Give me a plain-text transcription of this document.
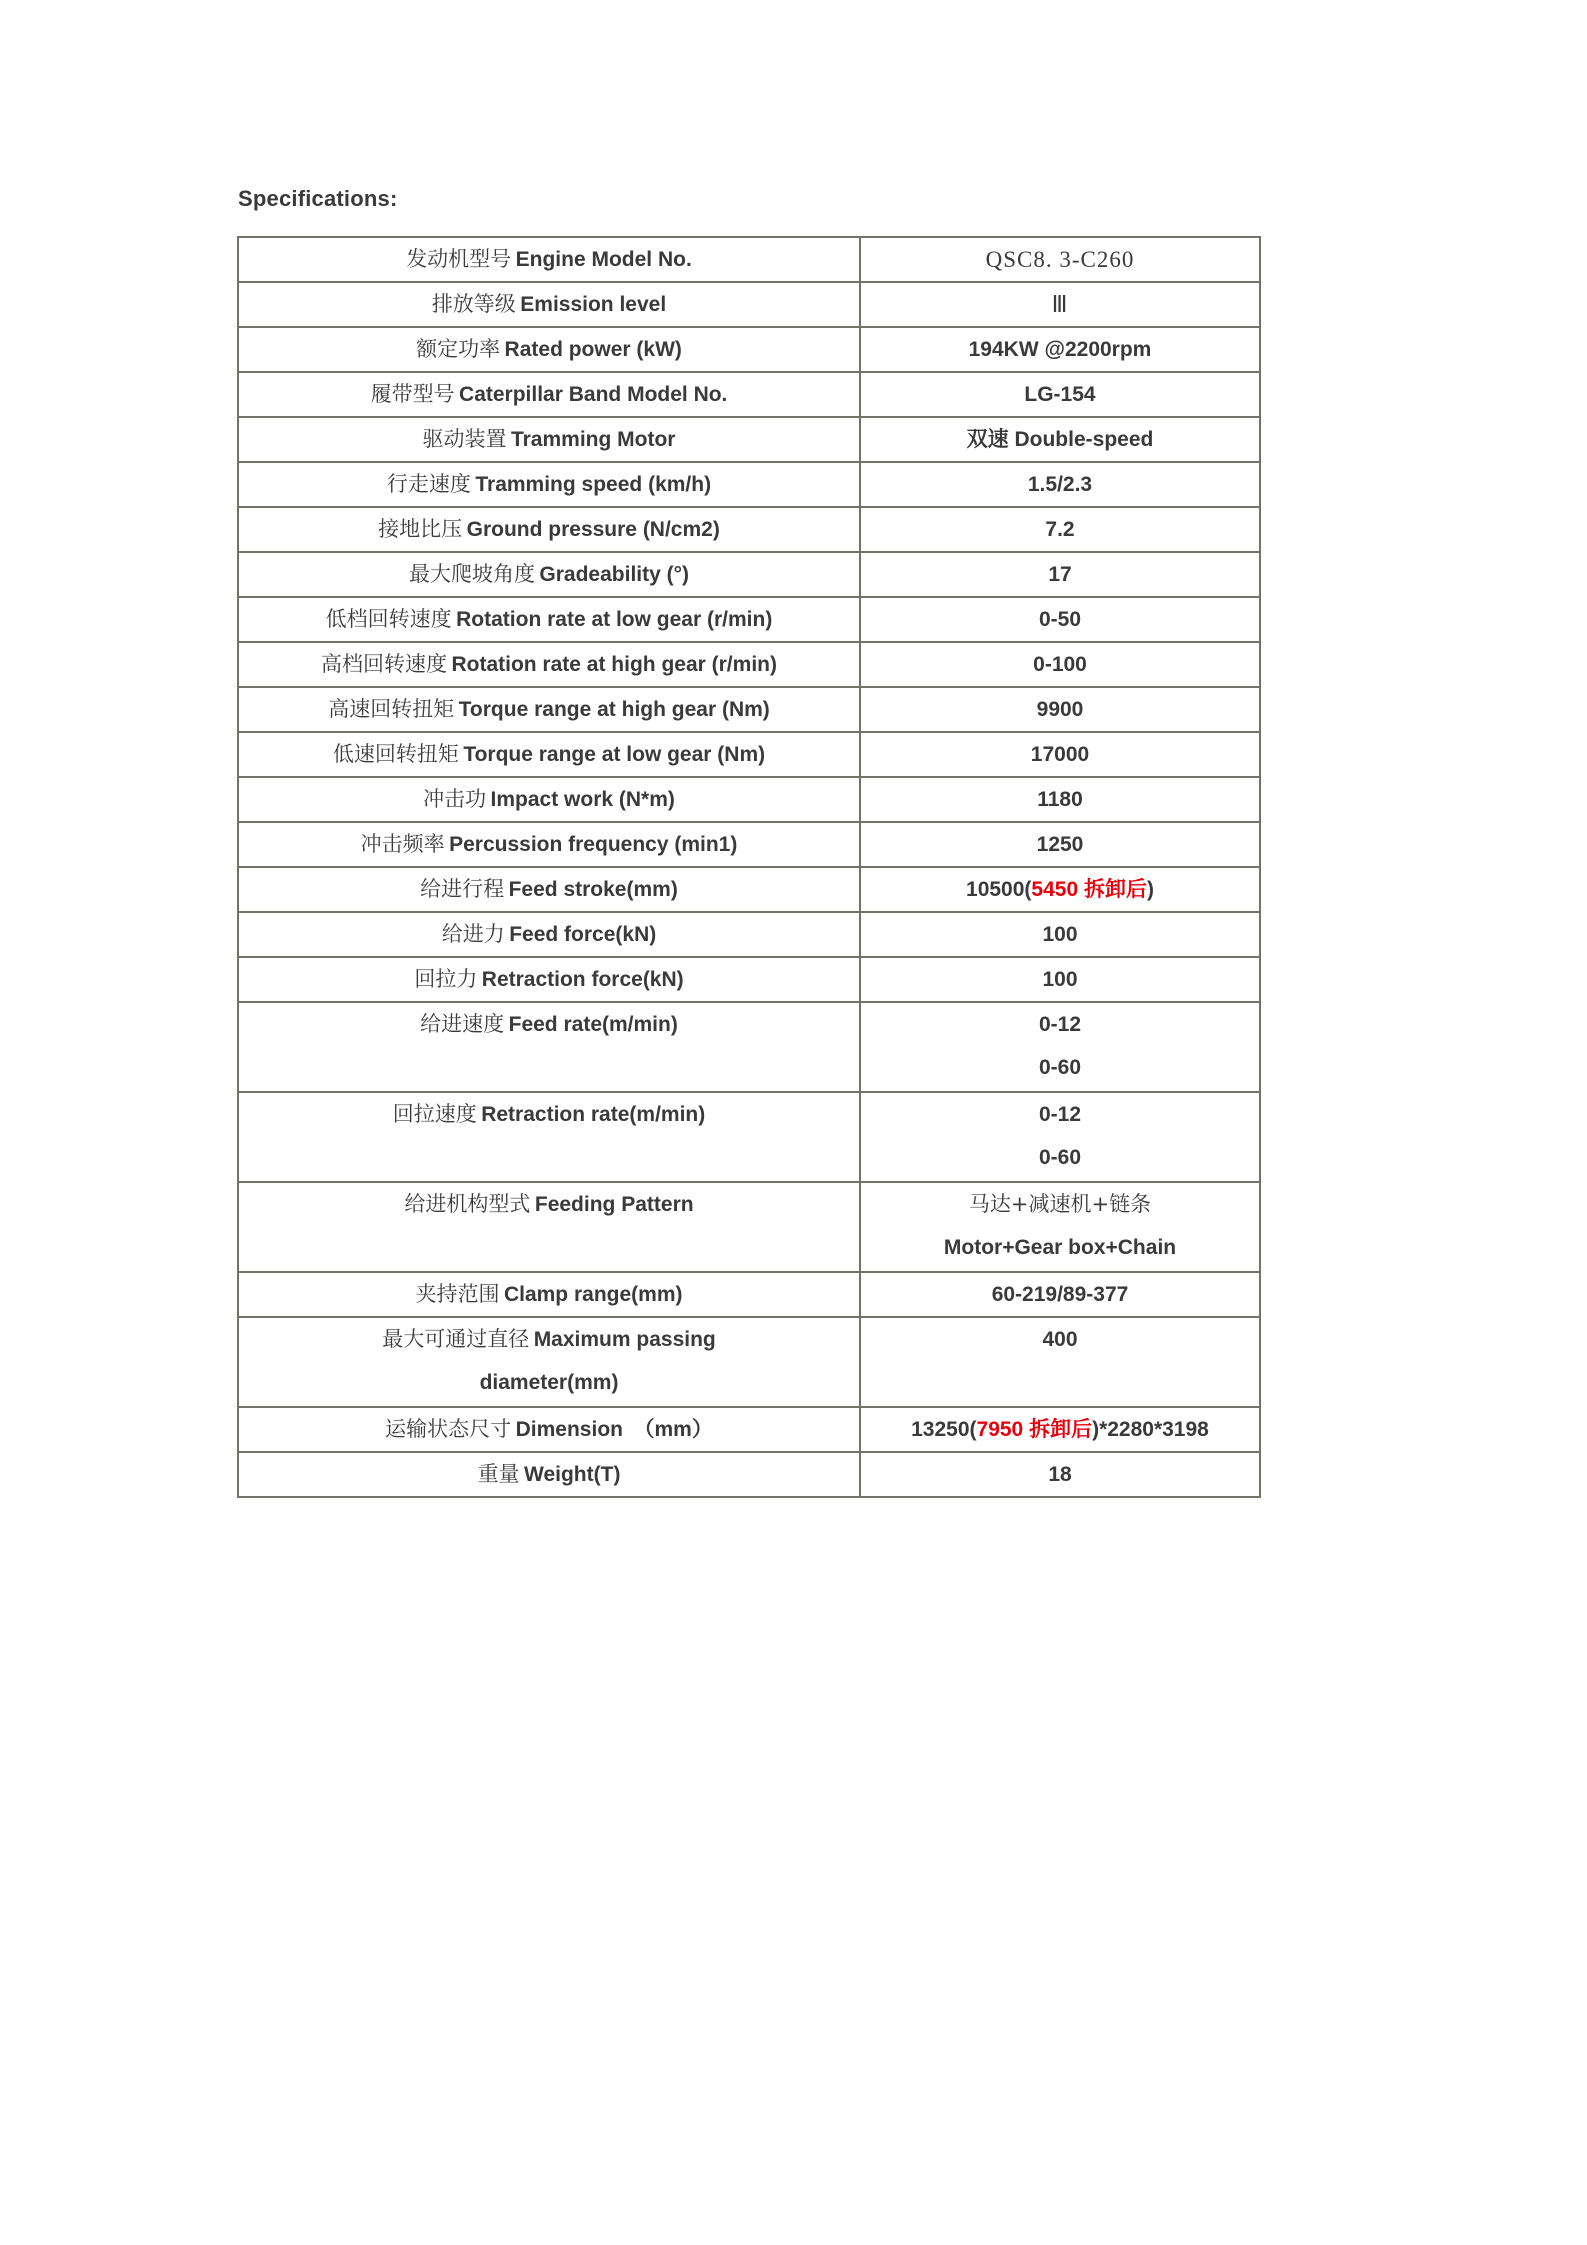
Specifications:
发动机型号 Engine Model No.	QSC8. 3-C260

排放等级 Emission level	Ⅲ

额定功率 Rated power (kW)	194KW @2200rpm

履带型号 Caterpillar Band Model No.	LG-154

驱动装置 Tramming Motor	双速 Double-speed

行走速度 Tramming speed (km/h)	1.5/2.3

接地比压 Ground pressure (N/cm2)	7.2

最大爬坡角度 Gradeability (°)	17

低档回转速度 Rotation rate at low gear (r/min)	0-50

高档回转速度 Rotation rate at high gear (r/min)	0-100

高速回转扭矩 Torque range at high gear (Nm)	9900

低速回转扭矩 Torque range at low gear (Nm)	17000

冲击功 Impact work (N*m)	1180

冲击频率 Percussion frequency (min1)	1250

给进行程 Feed stroke(mm)	10500(5450 拆卸后)

给进力 Feed force(kN)	100

回拉力 Retraction force(kN)	100

给进速度 Feed rate(m/min)	0-12
0-60

回拉速度 Retraction rate(m/min)	0-12
0-60

给进机构型式 Feeding Pattern	马达+减速机+链条
Motor+Gear box+Chain

夹持范围 Clamp range(mm)	60-219/89-377

最大可通过直径 Maximum passing
diameter(mm)	400

运输状态尺寸 Dimension　（mm）	13250(7950 拆卸后)*2280*3198

重量 Weight(T)	18
